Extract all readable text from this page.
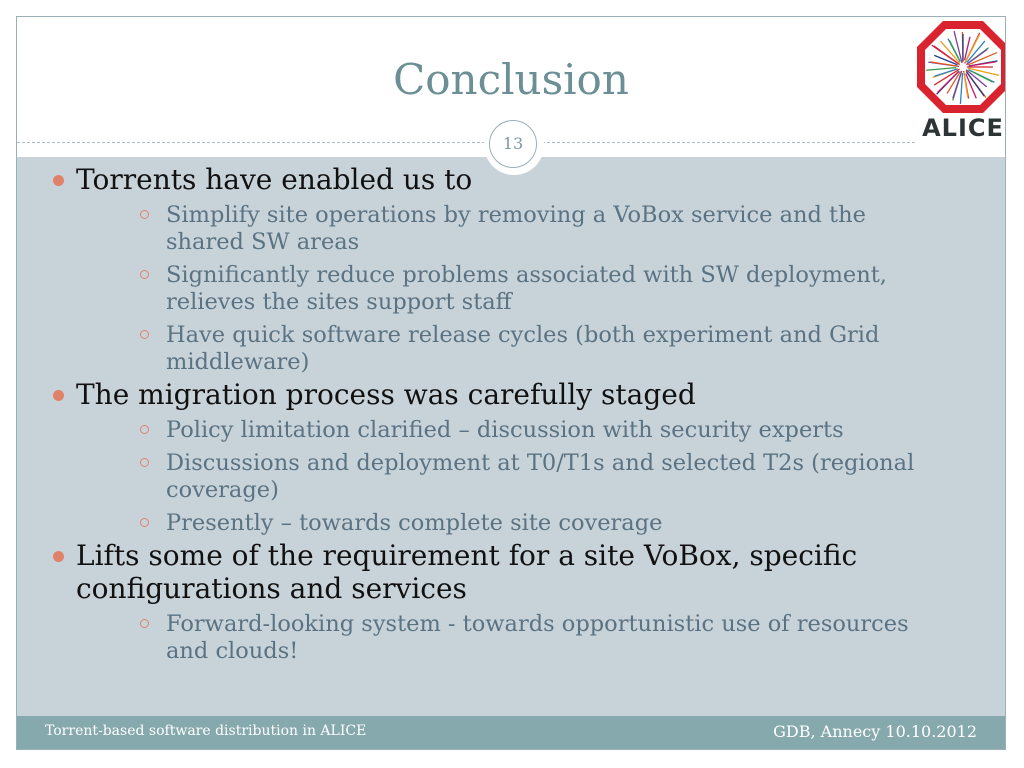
Conclusion
Torrents have enabled us to
Simplify site operations by removing a VoBox service and the shared SW areas
Significantly reduce problems associated with SW deployment, relieves the sites support staff
Have quick software release cycles (both experiment and Grid middleware)
The migration process was carefully staged
Policy limitation clarified – discussion with security experts
Discussions and deployment at T0/T1s and selected T2s (regional coverage)
Presently – towards complete site coverage
Lifts some of the requirement for a site VoBox, specific configurations and services
Forward-looking system - towards opportunistic use of resources and clouds!
Torrent-based software distribution in ALICE	GDB, Annecy 10.10.2012
13
ALICE
